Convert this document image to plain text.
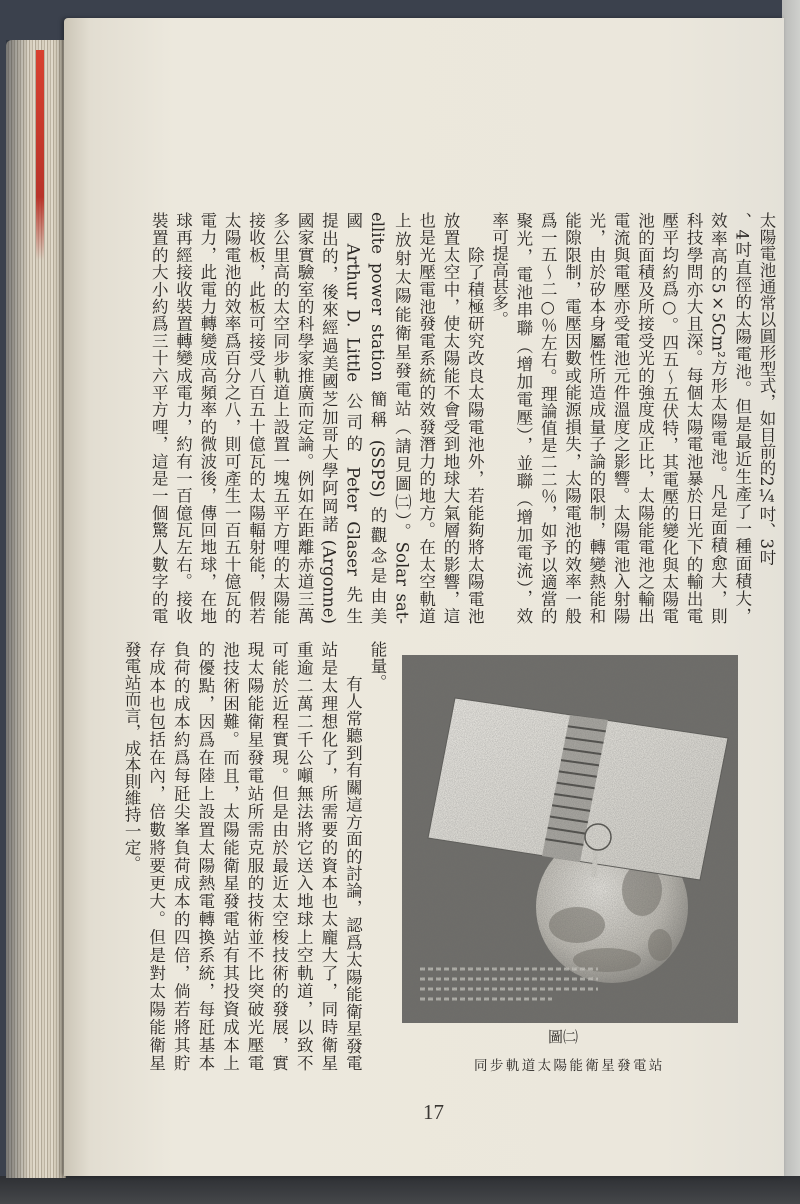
太陽電池通常以圓形型式，如目前的2¼吋、3吋
、4吋直徑的太陽電池。但是最近生產了一種面積大，
效率高的5×5Cm²方形太陽電池。凡是面積愈大，則
科技學問亦大且深。每個太陽電池暴於日光下的輸出電
壓平均約爲○。四五～五伏特，其電壓的變化與太陽電
池的面積及所接受光的強度成正比，太陽能電池之輸出
電流與電壓亦受電池元件溫度之影響。太陽電池入射陽
光，由於矽本身屬性所造成量子論的限制，轉變熱能和
能隙限制，電壓因數或能源損失，太陽電池的效率一般
爲一五～二○％左右。理論值是二二％，如予以適當的
聚光，電池串聯（增加電壓），並聯（增加電流），效
率可提高甚多。
　　除了積極研究改良太陽電池外，若能夠將太陽電池
放置太空中，使太陽能不會受到地球大氣層的影響，這
也是光壓電池發電系統的效發潛力的地方。在太空軌道
上放射太陽能衛星發電站（請見圖㈡）。Solar sat-
ellite power station 簡稱 (SSPS) 的觀念是由美
國 Arthur D. Little 公司的 Peter Glaser 先生
提出的，後來經過美國芝加哥大學阿岡諾 (Argonne)
國家實驗室的科學家推廣而定論。例如在距離赤道三萬
多公里高的太空同步軌道上設置一塊五平方哩的太陽能
接收板，此板可接受八百五十億瓦的太陽輻射能，假若
太陽電池的效率爲百分之八，則可產生一百五十億瓦的
電力，此電力轉變成高頻率的微波後，傳回地球，在地
球再經接收裝置轉變成電力，約有一百億瓦左右。接收
裝置的大小約爲三十六平方哩，這是一個驚人數字的電
能量。
　　有人常聽到有關這方面的討論，認爲太陽能衛星發電
站是太理想化了，所需要的資本也太龐大了，同時衛星
重逾二萬二千公噸無法將它送入地球上空軌道，以致不
可能於近程實現。但是由於最近太空梭技術的發展，實
現太陽能衛星發電站所需克服的技術並不比突破光壓電
池技術困難。而且，太陽能衛星發電站有其投資成本上
的優點，因爲在陸上設置太陽熱電轉換系統，每瓩基本
負荷的成本約爲每瓩尖峯負荷成本的四倍，倘若將其貯
存成本也包括在內，倍數將要更大。但是對太陽能衛星
發電站而言，成本則維持一定。
圖㈡
同步軌道太陽能衛星發電站
17
